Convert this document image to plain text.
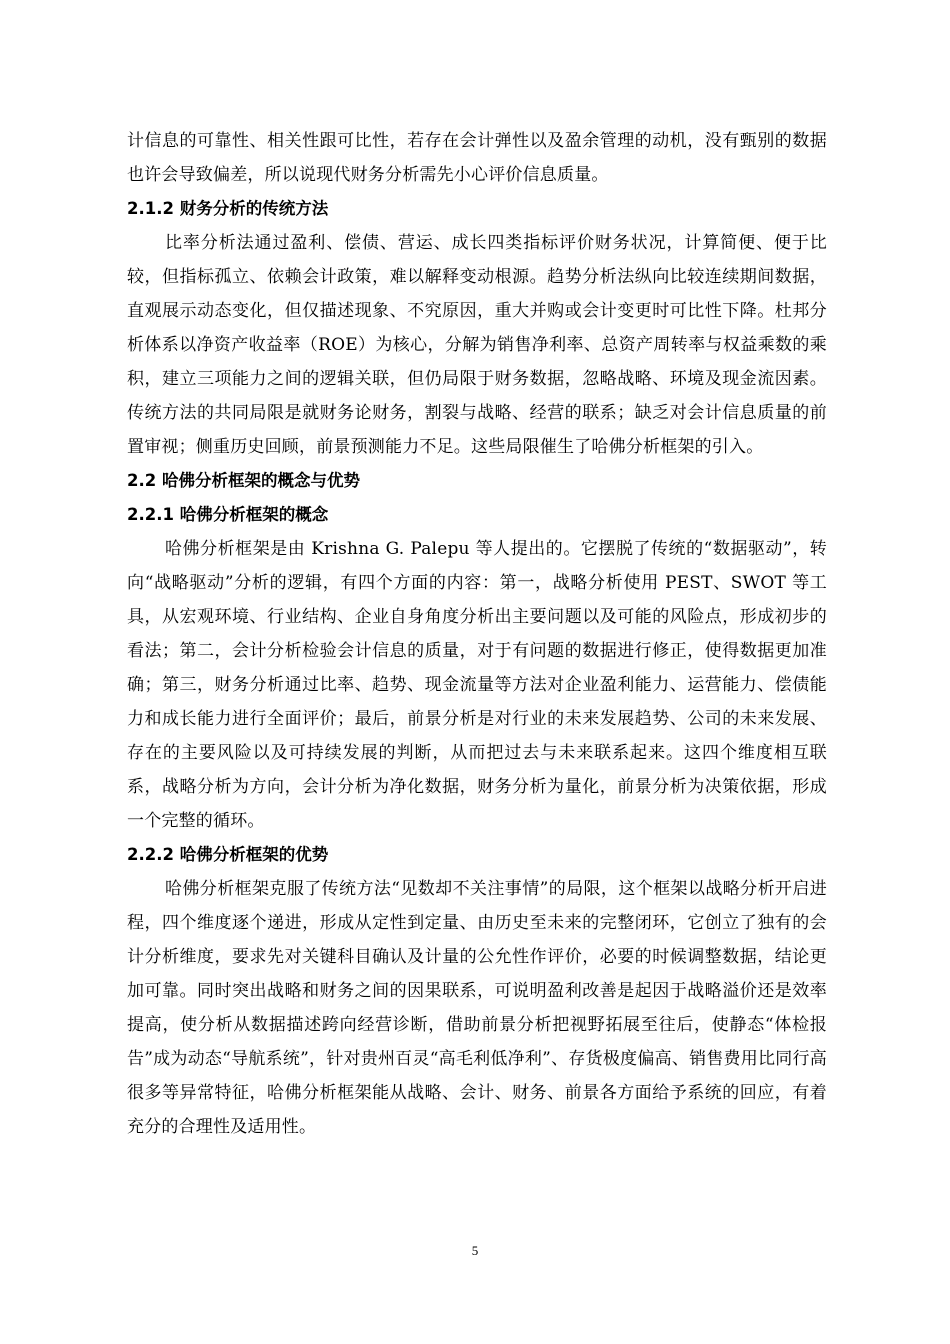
计信息的可靠性、相关性跟可比性，若存在会计弹性以及盈余管理的动机，没有甄别的数据也许会导致偏差，所以说现代财务分析需先小心评价信息质量。

2.1.2 财务分析的传统方法

比率分析法通过盈利、偿债、营运、成长四类指标评价财务状况，计算简便、便于比较，但指标孤立、依赖会计政策，难以解释变动根源。趋势分析法纵向比较连续期间数据，直观展示动态变化，但仅描述现象、不究原因，重大并购或会计变更时可比性下降。杜邦分析体系以净资产收益率（ROE）为核心，分解为销售净利率、总资产周转率与权益乘数的乘积，建立三项能力之间的逻辑关联，但仍局限于财务数据，忽略战略、环境及现金流因素。传统方法的共同局限是就财务论财务，割裂与战略、经营的联系；缺乏对会计信息质量的前置审视；侧重历史回顾，前景预测能力不足。这些局限催生了哈佛分析框架的引入。

2.2 哈佛分析框架的概念与优势
2.2.1 哈佛分析框架的概念

哈佛分析框架是由 Krishna G. Palepu 等人提出的。它摆脱了传统的“数据驱动”，转向“战略驱动”分析的逻辑，有四个方面的内容：第一，战略分析使用 PEST、SWOT 等工具，从宏观环境、行业结构、企业自身角度分析出主要问题以及可能的风险点，形成初步的看法；第二，会计分析检验会计信息的质量，对于有问题的数据进行修正，使得数据更加准确；第三，财务分析通过比率、趋势、现金流量等方法对企业盈利能力、运营能力、偿债能力和成长能力进行全面评价；最后，前景分析是对行业的未来发展趋势、公司的未来发展、存在的主要风险以及可持续发展的判断，从而把过去与未来联系起来。这四个维度相互联系，战略分析为方向，会计分析为净化数据，财务分析为量化，前景分析为决策依据，形成一个完整的循环。

2.2.2 哈佛分析框架的优势

哈佛分析框架克服了传统方法“见数却不关注事情”的局限，这个框架以战略分析开启进程，四个维度逐个递进，形成从定性到定量、由历史至未来的完整闭环，它创立了独有的会计分析维度，要求先对关键科目确认及计量的公允性作评价，必要的时候调整数据，结论更加可靠。同时突出战略和财务之间的因果联系，可说明盈利改善是起因于战略溢价还是效率提高，使分析从数据描述跨向经营诊断，借助前景分析把视野拓展至往后，使静态“体检报告”成为动态“导航系统”，针对贵州百灵“高毛利低净利”、存货极度偏高、销售费用比同行高很多等异常特征，哈佛分析框架能从战略、会计、财务、前景各方面给予系统的回应，有着充分的合理性及适用性。

5
